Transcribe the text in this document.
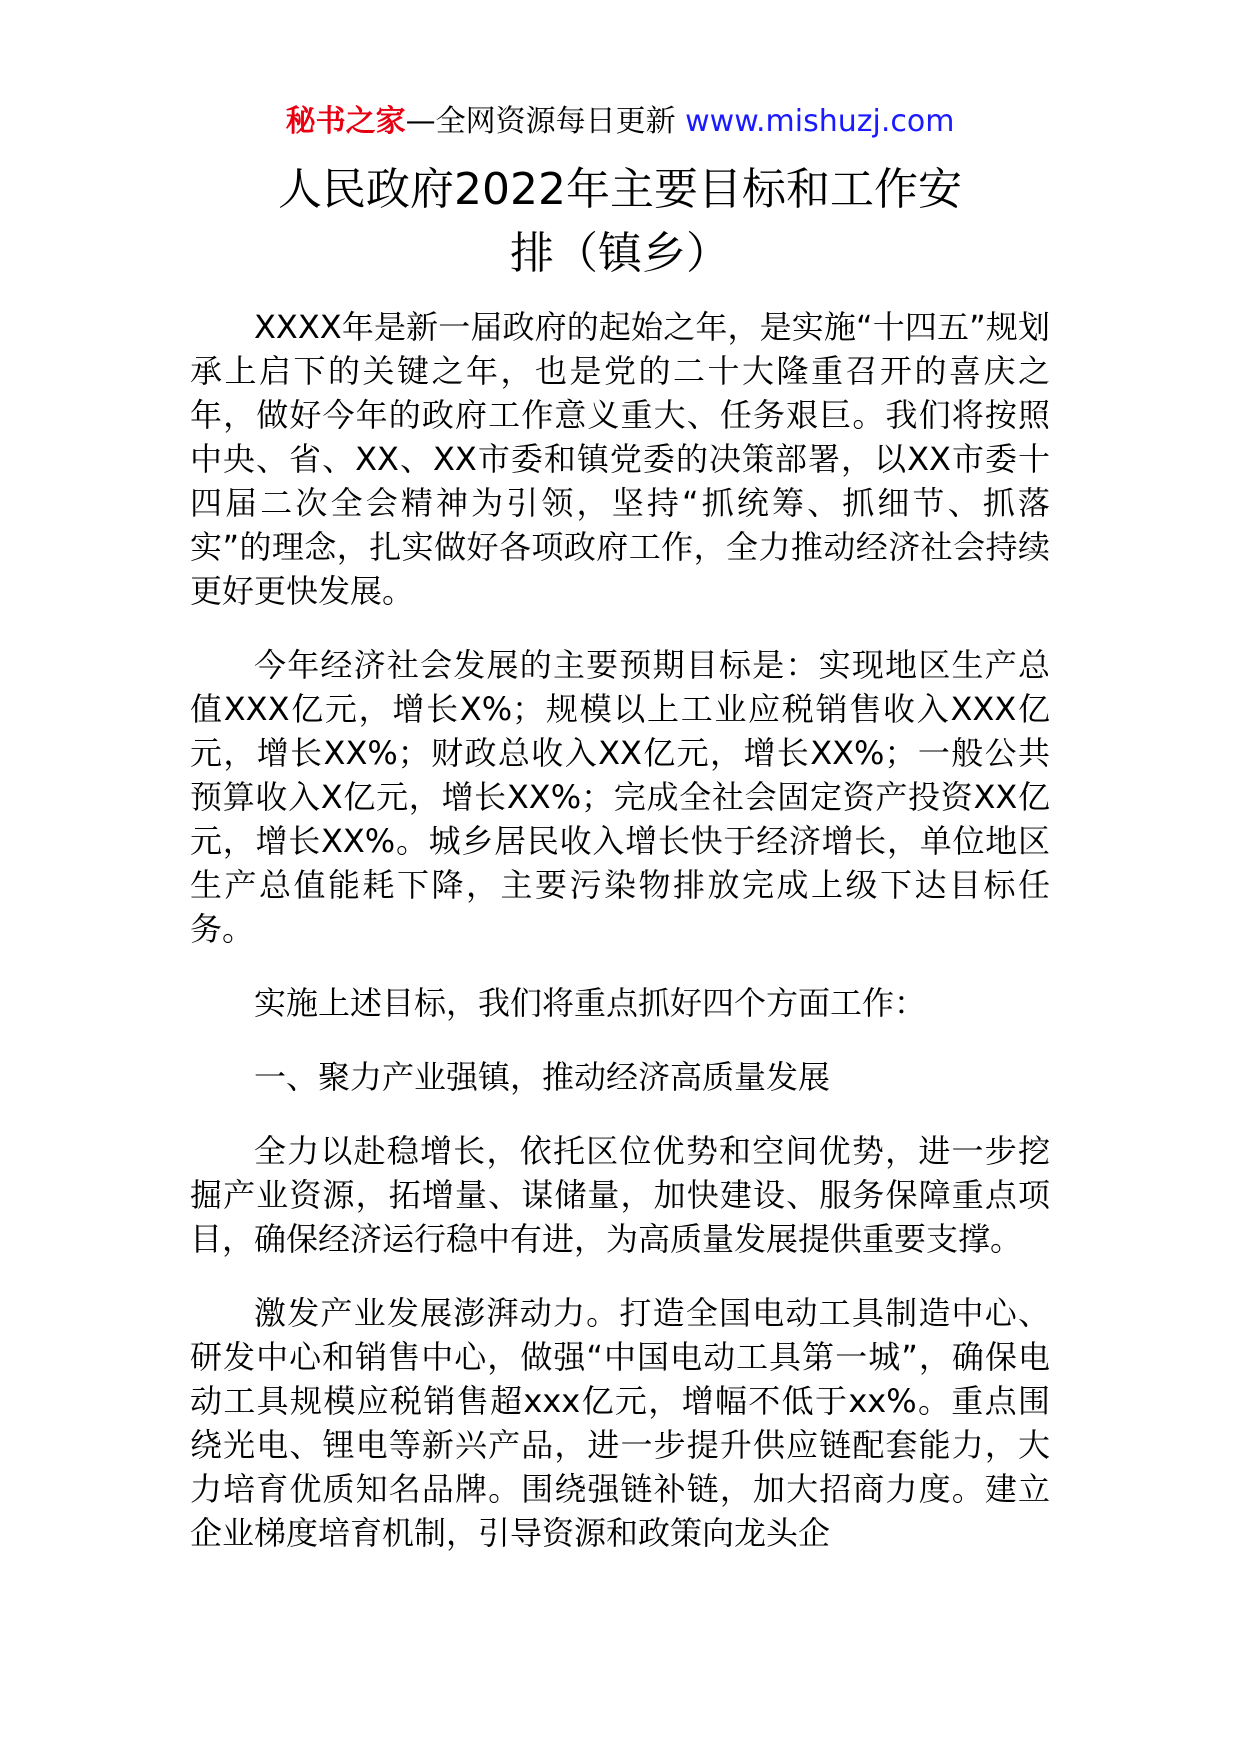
秘书之家—全网资源每日更新 www.mishuzj.com
人民政府2022年主要目标和工作安
排（镇乡）

XXXX年是新一届政府的起始之年，是实施“十四五”规划承上启下的关键之年，也是党的二十大隆重召开的喜庆之年，做好今年的政府工作意义重大、任务艰巨。我们将按照中央、省、XX、XX市委和镇党委的决策部署，以XX市委十四届二次全会精神为引领，坚持“抓统筹、抓细节、抓落实”的理念，扎实做好各项政府工作，全力推动经济社会持续更好更快发展。

今年经济社会发展的主要预期目标是：实现地区生产总值XXX亿元，增长X%；规模以上工业应税销售收入XXX亿元，增长XX%；财政总收入XX亿元，增长XX%；一般公共预算收入X亿元，增长XX%；完成全社会固定资产投资XX亿元，增长XX%。城乡居民收入增长快于经济增长，单位地区生产总值能耗下降，主要污染物排放完成上级下达目标任务。

实施上述目标，我们将重点抓好四个方面工作：

一、聚力产业强镇，推动经济高质量发展

全力以赴稳增长，依托区位优势和空间优势，进一步挖掘产业资源，拓增量、谋储量，加快建设、服务保障重点项目，确保经济运行稳中有进，为高质量发展提供重要支撑。

激发产业发展澎湃动力。打造全国电动工具制造中心、研发中心和销售中心，做强“中国电动工具第一城”，确保电动工具规模应税销售超xxx亿元，增幅不低于xx%。重点围绕光电、锂电等新兴产品，进一步提升供应链配套能力，大力培育优质知名品牌。围绕强链补链，加大招商力度。建立企业梯度培育机制，引导资源和政策向龙头企
